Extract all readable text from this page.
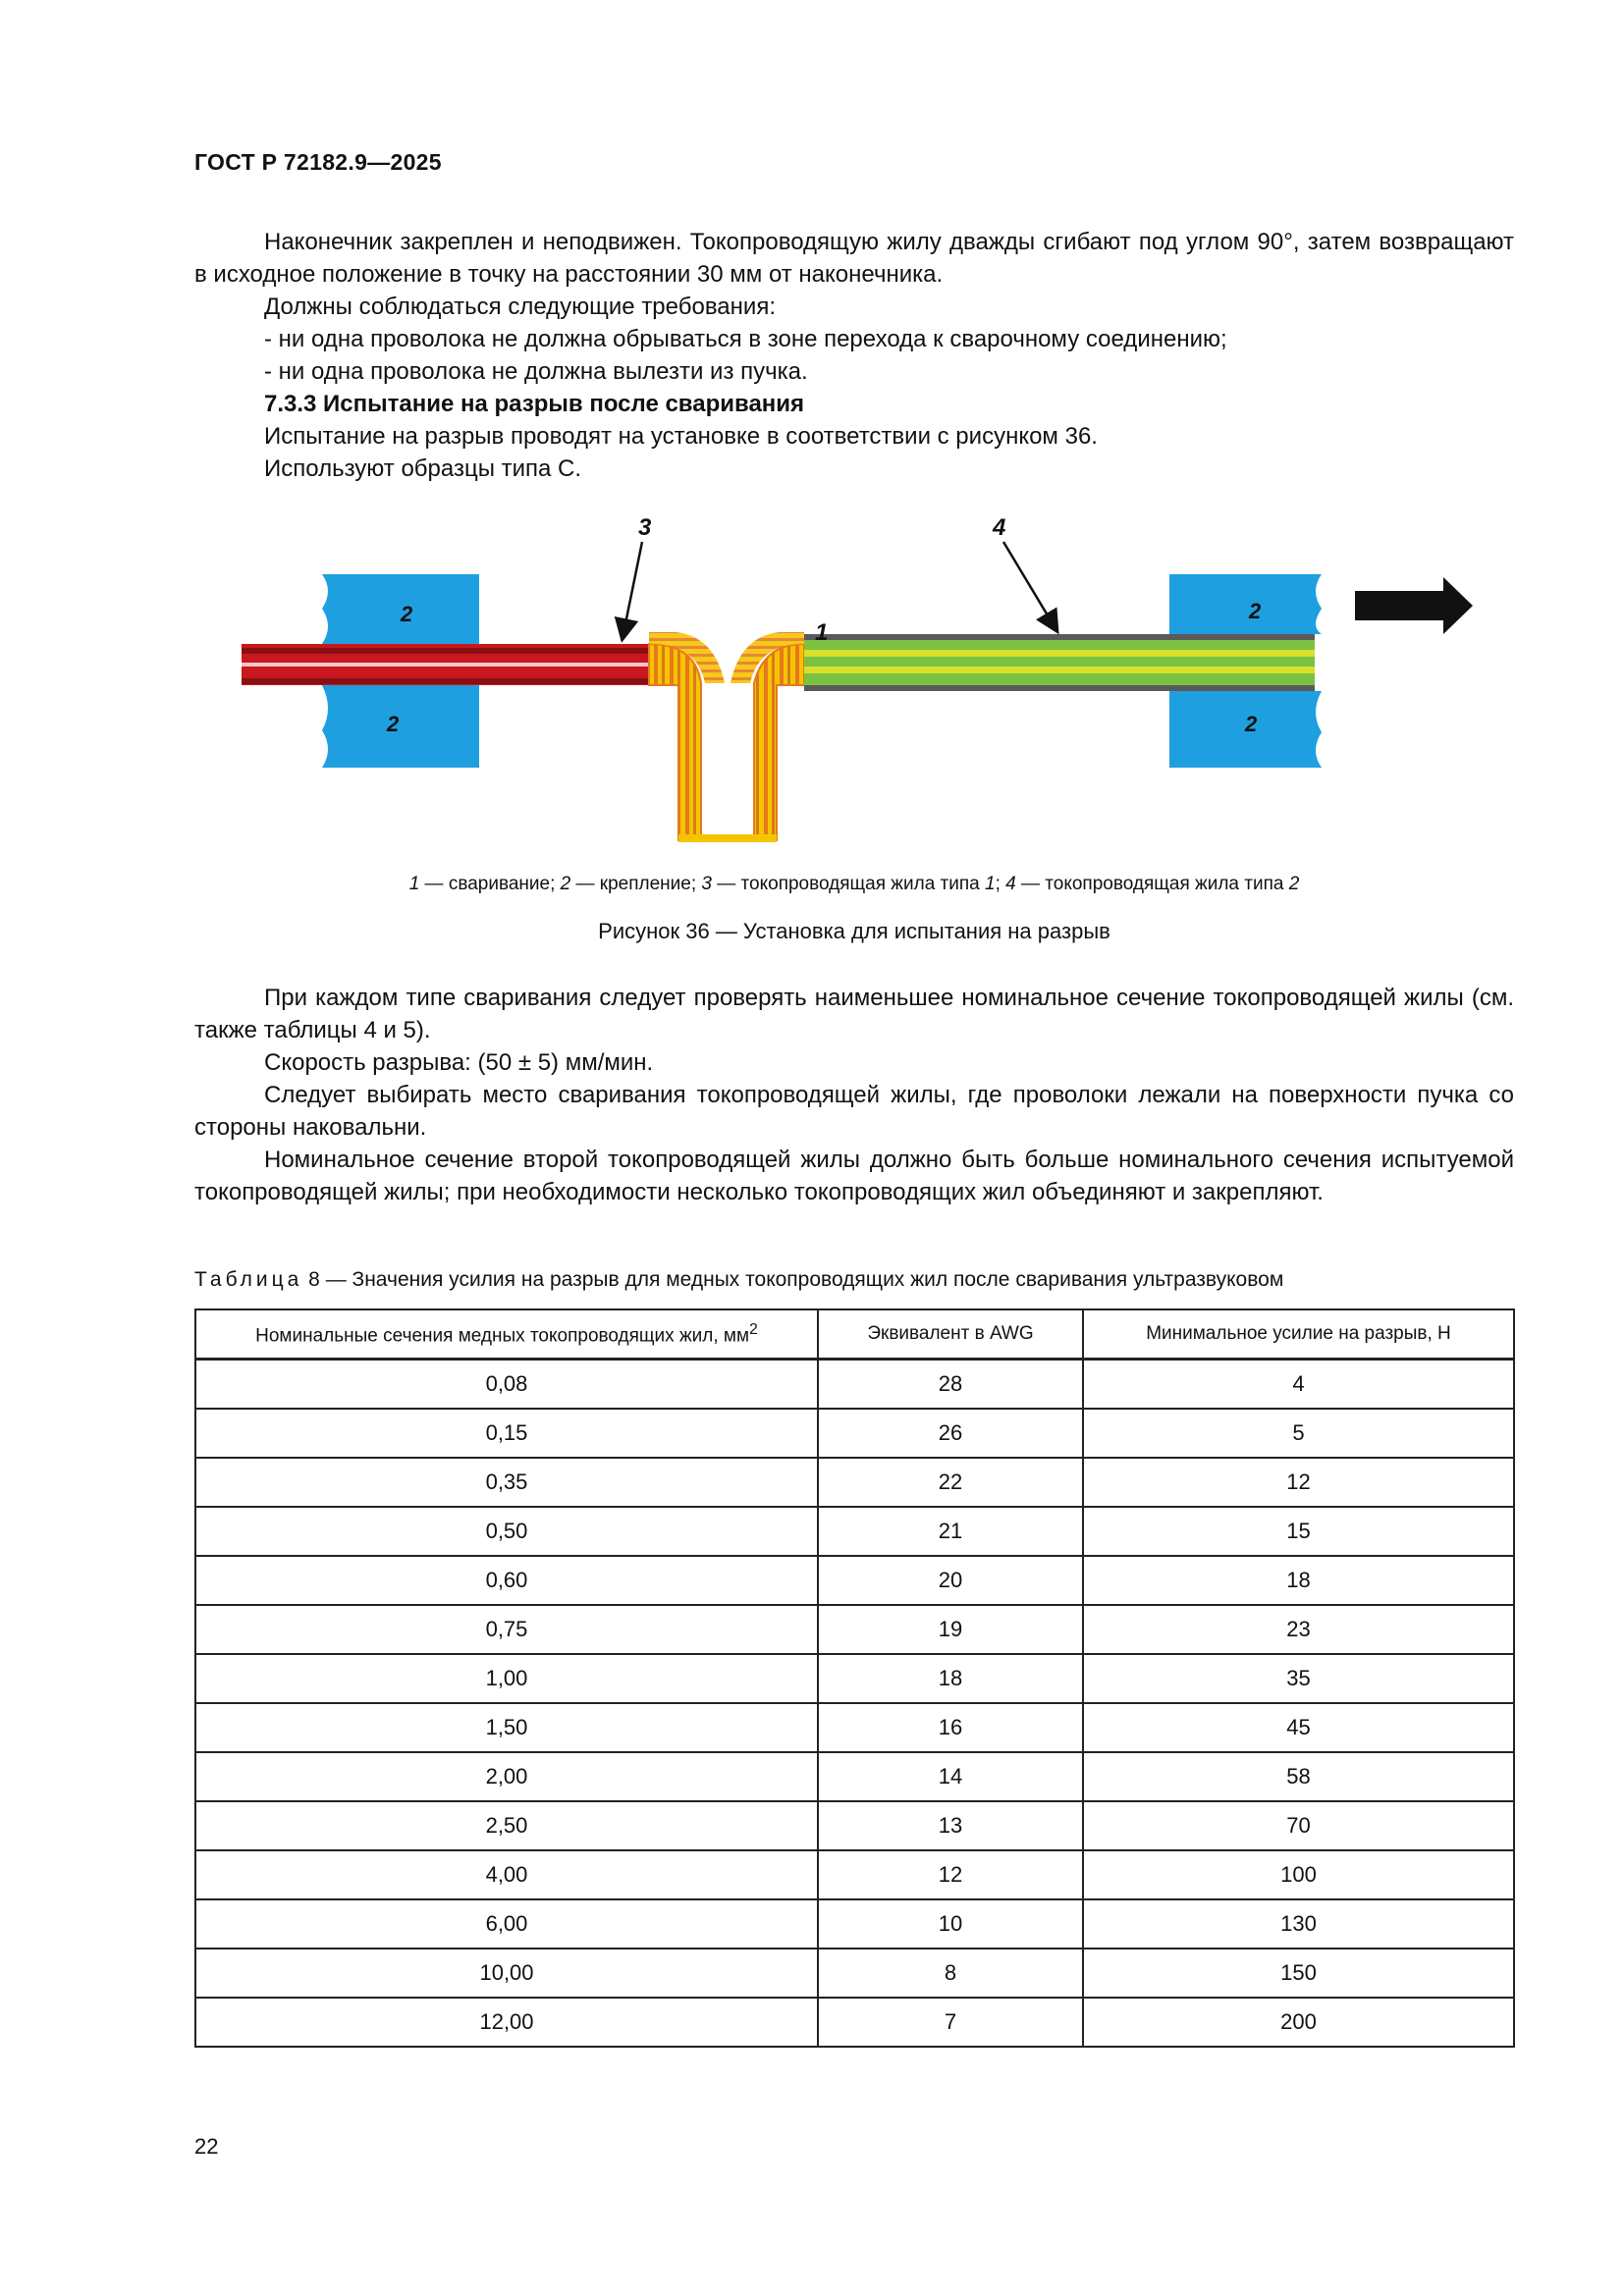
ГОСТ Р 72182.9—2025

Наконечник закреплен и неподвижен. Токопроводящую жилу дважды сгибают под углом 90°, затем возвращают в исходное положение в точку на расстоянии 30 мм от наконечника.

Должны соблюдаться следующие требования:

- ни одна проволока не должна обрываться в зоне перехода к сварочному соединению;

- ни одна проволока не должна вылезти из пучка.

7.3.3 Испытание на разрыв после сваривания

Испытание на разрыв проводят на установке в соответствии с рисунком 36.

Используют образцы типа С.

2
2
2
2
3	4
1
1 — сваривание; 2 — крепление; 3 — токопроводящая жила типа 1; 4 — токопроводящая жила типа 2
Рисунок 36 — Установка для испытания на разрыв

При каждом типе сваривания следует проверять наименьшее номинальное сечение токопроводящей жилы (см. также таблицы 4 и 5).

Скорость разрыва: (50 ± 5) мм/мин.

Следует выбирать место сваривания токопроводящей жилы, где проволоки лежали на поверхности пучка со стороны наковальни.

Номинальное сечение второй токопроводящей жилы должно быть больше номинального сечения испытуемой токопроводящей жилы; при необходимости несколько токопроводящих жил объединяют и закрепляют.

Таблица 8 — Значения усилия на разрыв для медных токопроводящих жил после сваривания ультразвуковом
Номинальные сечения медных токопроводящих жил, $мм^2$	Эквивалент в AWG	Минимальное усилие на разрыв, Н
0,08	28	4
0,15	26	5
0,35	22	12
0,50	21	15
0,60	20	18
0,75	19	23
1,00	18	35
1,50	16	45
2,00	14	58
2,50	13	70
4,00	12	100
6,00	10	130
10,00	8	150
12,00	7	200
22
